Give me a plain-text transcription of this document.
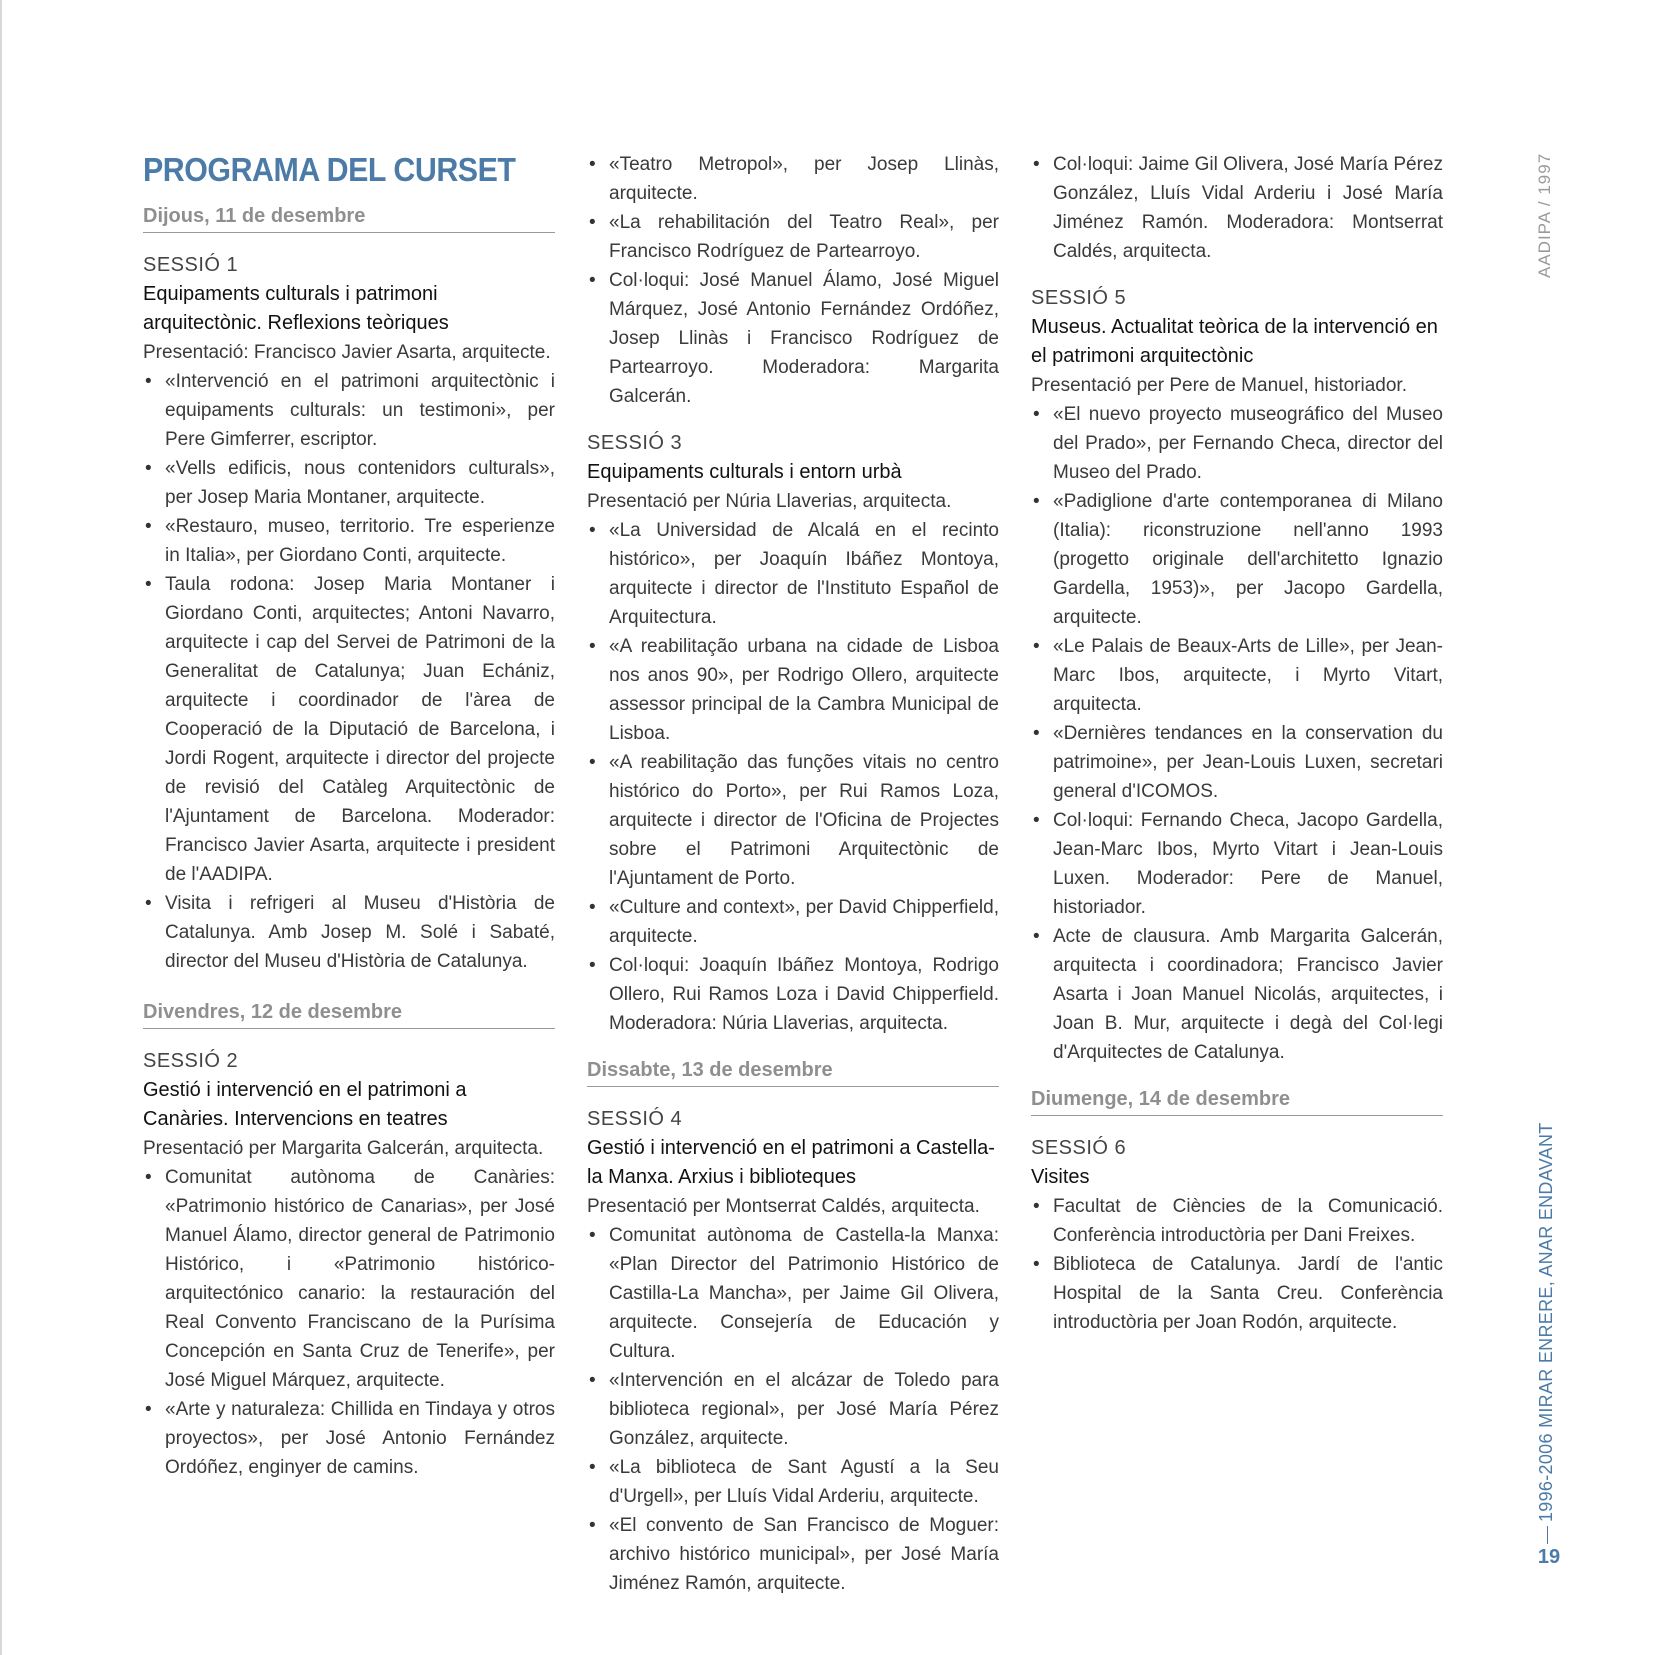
PROGRAMA DEL CURSET
Dijous, 11 de desembre
SESSIÓ 1
Equipaments culturals i patrimoni arquitectònic. Reflexions teòriques
Presentació: Francisco Javier Asarta, arquitecte.
• «Intervenció en el patrimoni arquitectònic i equipaments culturals: un testimoni», per Pere Gimferrer, escriptor.
• «Vells edificis, nous contenidors culturals», per Josep Maria Montaner, arquitecte.
• «Restauro, museo, territorio. Tre esperienze in Italia», per Giordano Conti, arquitecte.
• Taula rodona: Josep Maria Montaner i Giordano Conti, arquitectes; Antoni Navarro, arquitecte i cap del Servei de Patrimoni de la Generalitat de Catalunya; Juan Echániz, arquitecte i coordinador de l'àrea de Cooperació de la Diputació de Barcelona, i Jordi Rogent, arquitecte i director del projecte de revisió del Catàleg Arquitectònic de l'Ajuntament de Barcelona. Moderador: Francisco Javier Asarta, arquitecte i president de l'AADIPA.
• Visita i refrigeri al Museu d'Història de Catalunya. Amb Josep M. Solé i Sabaté, director del Museu d'Història de Catalunya.
Divendres, 12 de desembre
SESSIÓ 2
Gestió i intervenció en el patrimoni a Canàries. Intervencions en teatres
Presentació per Margarita Galcerán, arquitecta.
• Comunitat autònoma de Canàries: «Patrimonio histórico de Canarias», per José Manuel Álamo, director general de Patrimonio Histórico, i «Patrimonio histórico-arquitectónico canario: la restauración del Real Convento Franciscano de la Purísima Concepción en Santa Cruz de Tenerife», per José Miguel Márquez, arquitecte.
• «Arte y naturaleza: Chillida en Tindaya y otros proyectos», per José Antonio Fernández Ordóñez, enginyer de camins.
• «Teatro Metropol», per Josep Llinàs, arquitecte.
• «La rehabilitación del Teatro Real», per Francisco Rodríguez de Partearroyo.
• Col·loqui: José Manuel Álamo, José Miguel Márquez, José Antonio Fernández Ordóñez, Josep Llinàs i Francisco Rodríguez de Partearroyo. Moderadora: Margarita Galcerán.
SESSIÓ 3
Equipaments culturals i entorn urbà
Presentació per Núria Llaverias, arquitecta.
• «La Universidad de Alcalá en el recinto histórico», per Joaquín Ibáñez Montoya, arquitecte i director de l'Instituto Español de Arquitectura.
• «A reabilitação urbana na cidade de Lisboa nos anos 90», per Rodrigo Ollero, arquitecte assessor principal de la Cambra Municipal de Lisboa.
• «A reabilitação das funções vitais no centro histórico do Porto», per Rui Ramos Loza, arquitecte i director de l'Oficina de Projectes sobre el Patrimoni Arquitectònic de l'Ajuntament de Porto.
• «Culture and context», per David Chipperfield, arquitecte.
• Col·loqui: Joaquín Ibáñez Montoya, Rodrigo Ollero, Rui Ramos Loza i David Chipperfield. Moderadora: Núria Llaverias, arquitecta.
Dissabte, 13 de desembre
SESSIÓ 4
Gestió i intervenció en el patrimoni a Castella-la Manxa. Arxius i biblioteques
Presentació per Montserrat Caldés, arquitecta.
• Comunitat autònoma de Castella-la Manxa: «Plan Director del Patrimonio Histórico de Castilla-La Mancha», per Jaime Gil Olivera, arquitecte. Consejería de Educación y Cultura.
• «Intervención en el alcázar de Toledo para biblioteca regional», per José María Pérez González, arquitecte.
• «La biblioteca de Sant Agustí a la Seu d'Urgell», per Lluís Vidal Arderiu, arquitecte.
• «El convento de San Francisco de Moguer: archivo histórico municipal», per José María Jiménez Ramón, arquitecte.
• Col·loqui: Jaime Gil Olivera, José María Pérez González, Lluís Vidal Arderiu i José María Jiménez Ramón. Moderadora: Montserrat Caldés, arquitecta.
SESSIÓ 5
Museus. Actualitat teòrica de la intervenció en el patrimoni arquitectònic
Presentació per Pere de Manuel, historiador.
• «El nuevo proyecto museográfico del Museo del Prado», per Fernando Checa, director del Museo del Prado.
• «Padiglione d'arte contemporanea di Milano (Italia): riconstruzione nell'anno 1993 (progetto originale dell'architetto Ignazio Gardella, 1953)», per Jacopo Gardella, arquitecte.
• «Le Palais de Beaux-Arts de Lille», per Jean-Marc Ibos, arquitecte, i Myrto Vitart, arquitecta.
• «Dernières tendances en la conservation du patrimoine», per Jean-Louis Luxen, secretari general d'ICOMOS.
• Col·loqui: Fernando Checa, Jacopo Gardella, Jean-Marc Ibos, Myrto Vitart i Jean-Louis Luxen. Moderador: Pere de Manuel, historiador.
• Acte de clausura. Amb Margarita Galcerán, arquitecta i coordinadora; Francisco Javier Asarta i Joan Manuel Nicolás, arquitectes, i Joan B. Mur, arquitecte i degà del Col·legi d'Arquitectes de Catalunya.
Diumenge, 14 de desembre
SESSIÓ 6
Visites
• Facultat de Ciències de la Comunicació. Conferència introductòria per Dani Freixes.
• Biblioteca de Catalunya. Jardí de l'antic Hospital de la Santa Creu. Conferència introductòria per Joan Rodón, arquitecte.
AADIPA / 1997
1996-2006 MIRAR ENRERE, ANAR ENDAVANT
19
